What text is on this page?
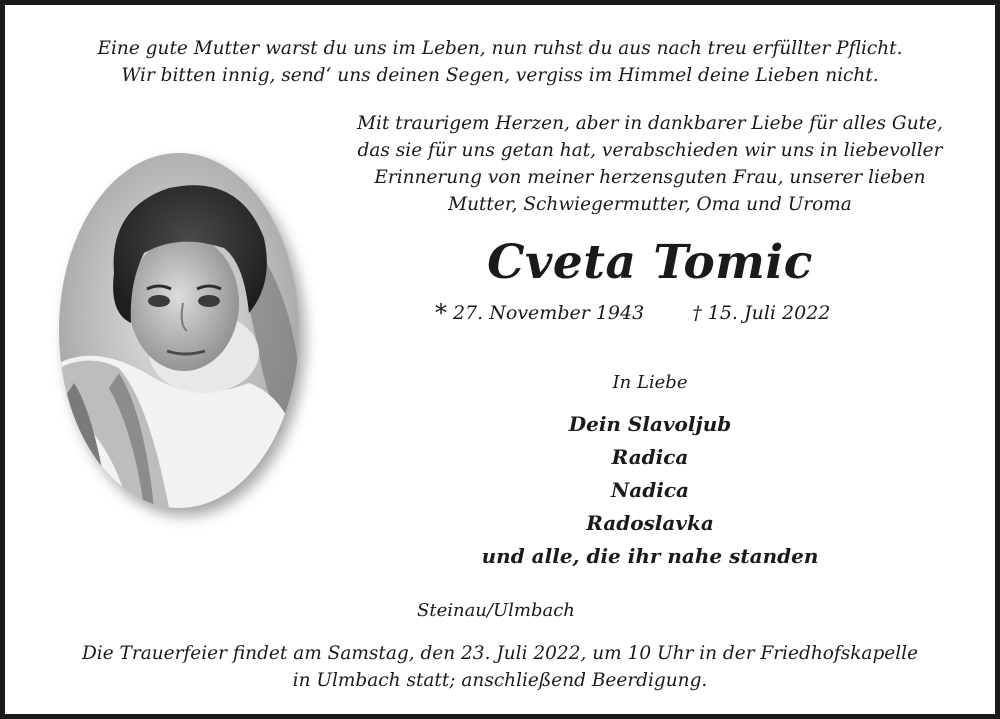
Eine gute Mutter warst du uns im Leben, nun ruhst du aus nach treu erfüllter Pflicht.
Wir bitten innig, send‘ uns deinen Segen, vergiss im Himmel deine Lieben nicht.
Mit traurigem Herzen, aber in dankbarer Liebe für alles Gute,
das sie für uns getan hat, verabschieden wir uns in liebevoller
Erinnerung von meiner herzensguten Frau, unserer lieben
Mutter, Schwiegermutter, Oma und Uroma
Cveta Tomic
* 27. November 1943	† 15. Juli 2022
In Liebe
Dein Slavoljub
Radica
Nadica
Radoslavka
und alle, die ihr nahe standen
Steinau/Ulmbach
Die Trauerfeier findet am Samstag, den 23. Juli 2022, um 10 Uhr in der Friedhofskapelle
in Ulmbach statt; anschließend Beerdigung.
